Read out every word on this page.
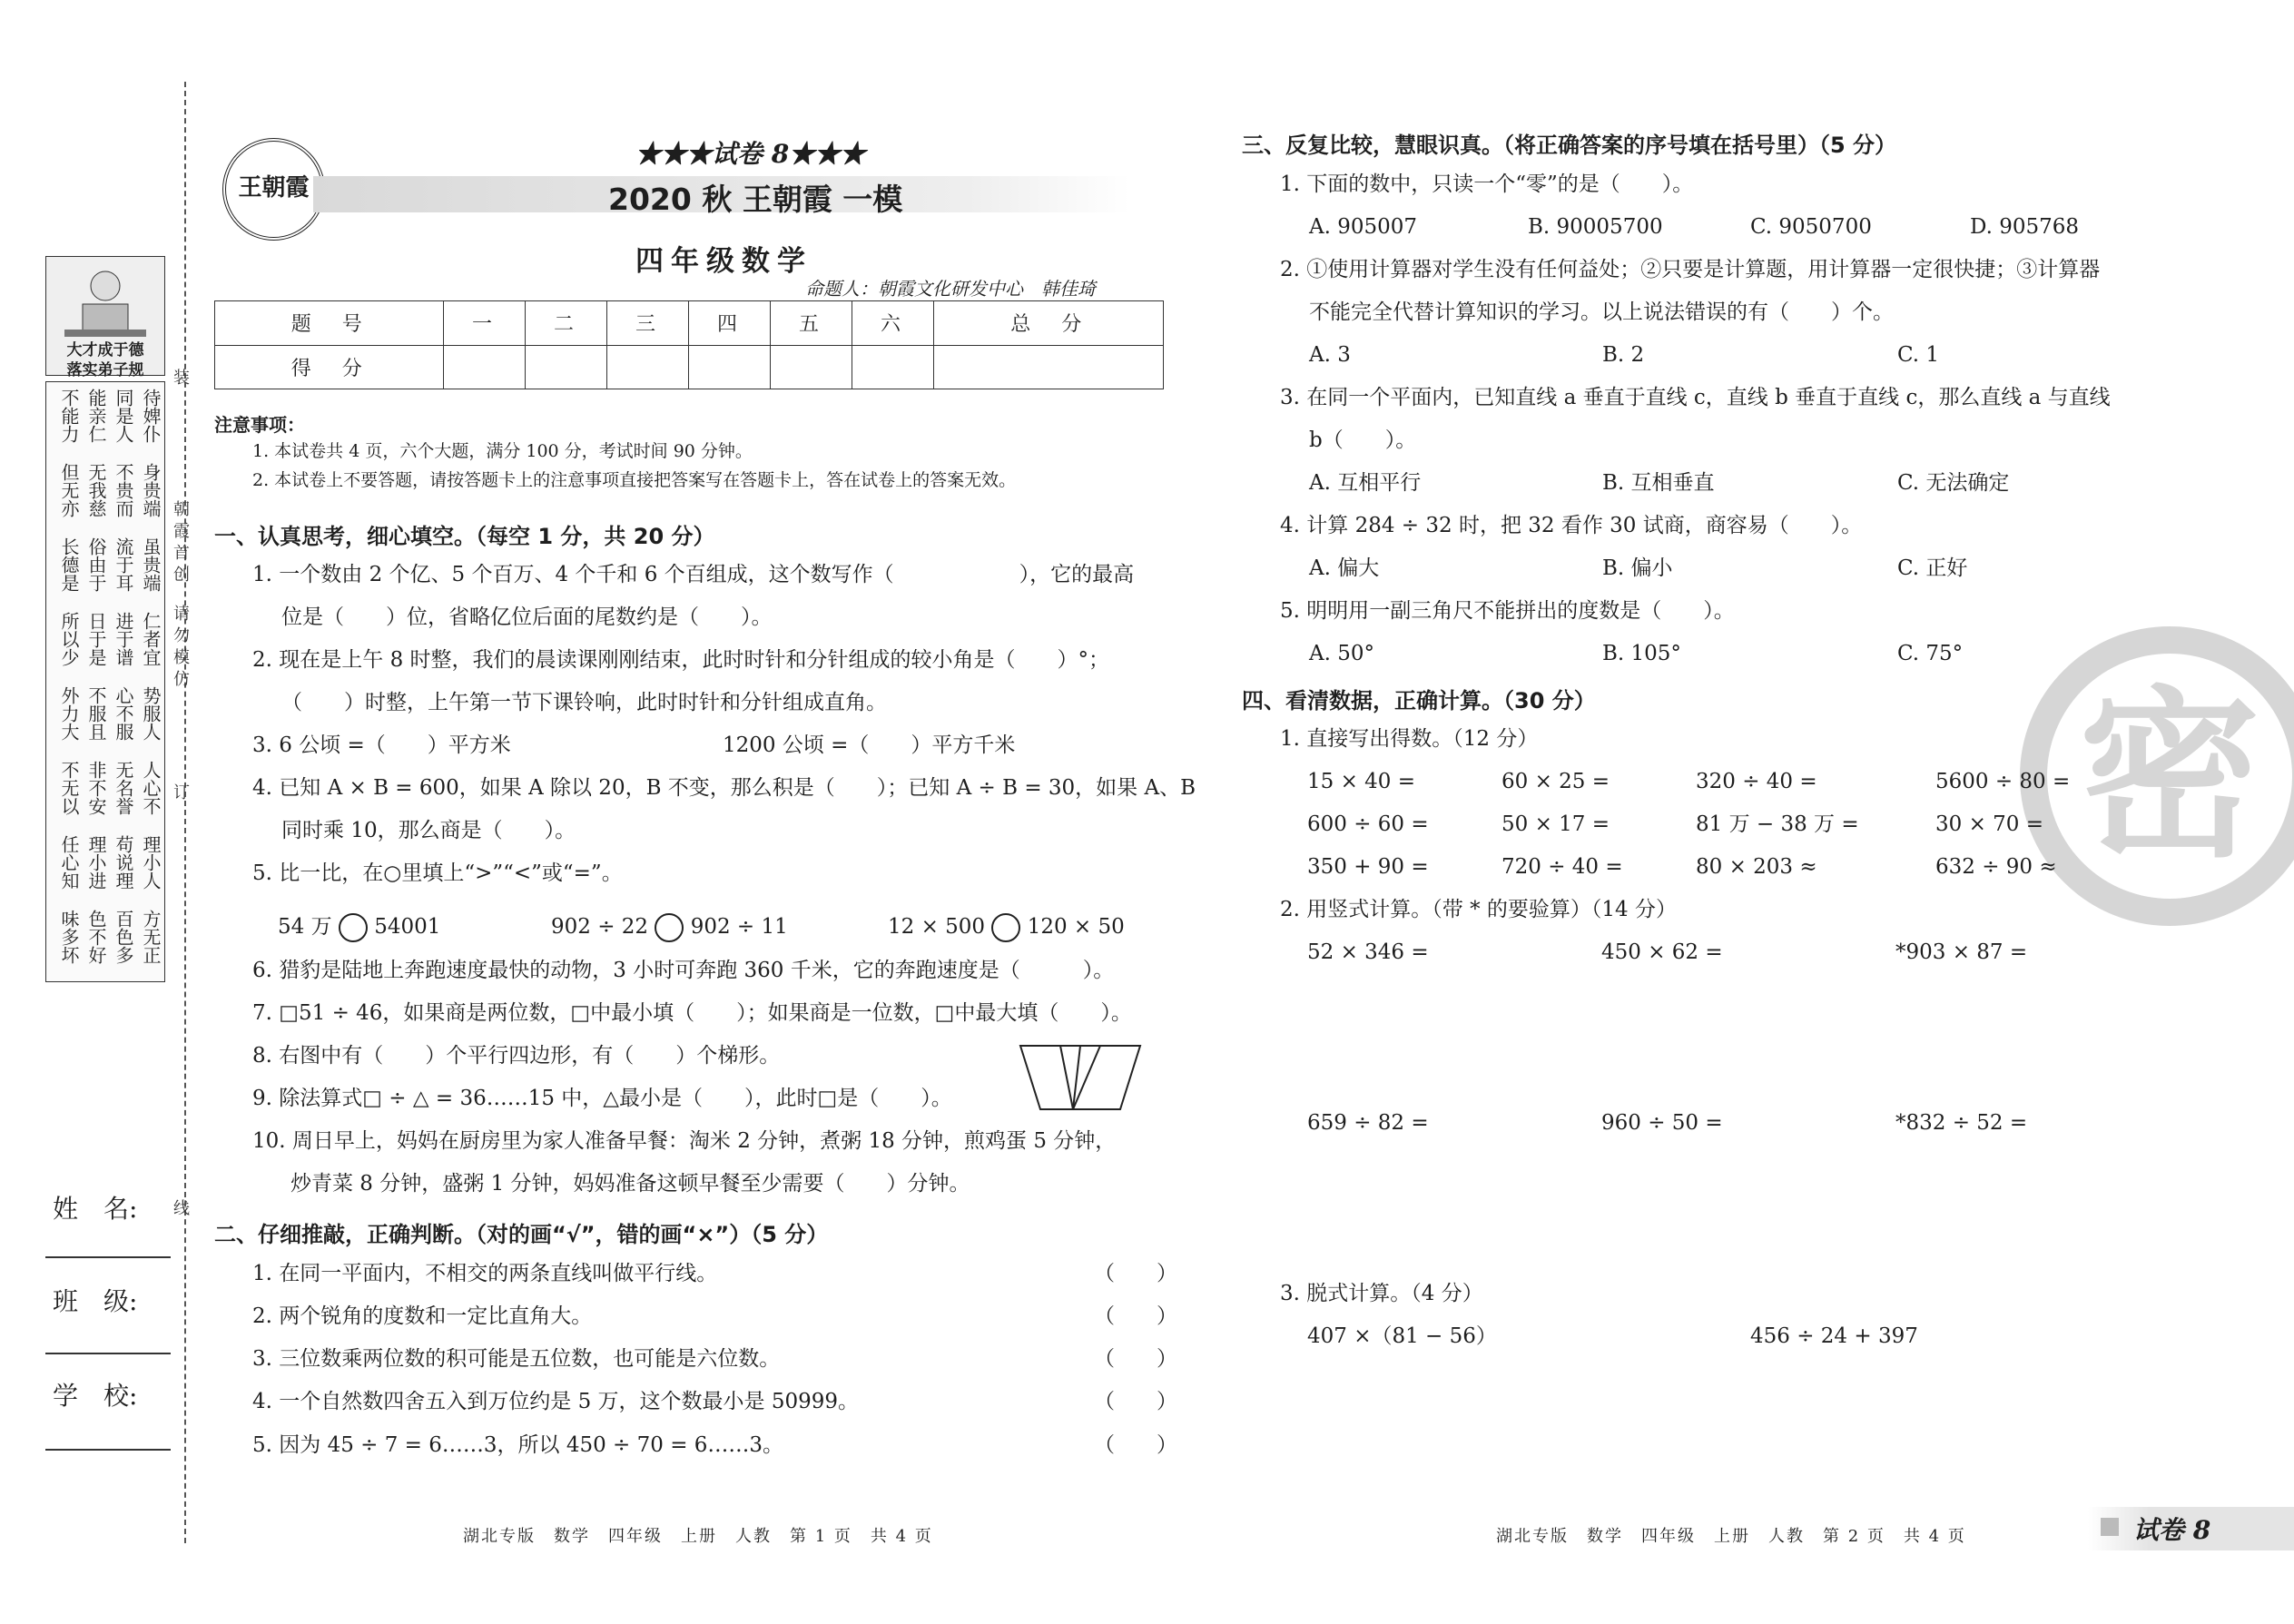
大才成于德
落实弟子规
待婢仆
同是人
能亲仁
不能力
身贵端
不贵而
无我慈
但无亦
虽贵端
流于耳
俗由于
长德是
仁者宜
进于谱
日于是
所以少
势服人
心不服
不服且
外力大
人心不
无名誉
非不安
不无以
理小人
苟说理
理小进
任心知
方无正
百色多
色不好
味多坏
装
朝霞首创
请勿模仿
订
线
姓　名:
班　级:
学　校:
王朝霞
★★★试卷 8★★★
2020 秋 王朝霞 一模
四年级数学
命题人：朝霞文化研发中心　韩佳琦
题　号	一	二	三	四	五	六	总　分
得　分							
注意事项：
1. 本试卷共 4 页，六个大题，满分 100 分，考试时间 90 分钟。
2. 本试卷上不要答题，请按答题卡上的注意事项直接把答案写在答题卡上，答在试卷上的答案无效。
一、认真思考，细心填空。（每空 1 分，共 20 分）
1. 一个数由 2 个亿、5 个百万、4 个千和 6 个百组成，这个数写作（　　　　　　），它的最高
位是（　　）位，省略亿位后面的尾数约是（　　）。
2. 现在是上午 8 时整，我们的晨读课刚刚结束，此时时针和分针组成的较小角是（　　）°；
（　　）时整，上午第一节下课铃响，此时时针和分针组成直角。
3. 6 公顷 =（　　）平方米	1200 公顷 =（　　）平方千米
4. 已知 A × B = 600，如果 A 除以 20，B 不变，那么积是（　　）；已知 A ÷ B = 30，如果 A、B
同时乘 10，那么商是（　　）。
5. 比一比，在○里填上“>”“<”或“=”。
54 万 54001	902 ÷ 22 902 ÷ 11	12 × 500 120 × 50
6. 猎豹是陆地上奔跑速度最快的动物，3 小时可奔跑 360 千米，它的奔跑速度是（　　　）。
7. □51 ÷ 46，如果商是两位数，□中最小填（　　）；如果商是一位数，□中最大填（　　）。
8. 右图中有（　　）个平行四边形，有（　　）个梯形。
9. 除法算式□ ÷ △ = 36……15 中，△最小是（　　），此时□是（　　）。
10. 周日早上，妈妈在厨房里为家人准备早餐：淘米 2 分钟，煮粥 18 分钟，煎鸡蛋 5 分钟，
炒青菜 8 分钟，盛粥 1 分钟，妈妈准备这顿早餐至少需要（　　）分钟。
二、仔细推敲，正确判断。（对的画“√”，错的画“×”）（5 分）
1. 在同一平面内，不相交的两条直线叫做平行线。	（　　）
2. 两个锐角的度数和一定比直角大。	（　　）
3. 三位数乘两位数的积可能是五位数，也可能是六位数。	（　　）
4. 一个自然数四舍五入到万位约是 5 万，这个数最小是 50999。	（　　）
5. 因为 45 ÷ 7 = 6……3，所以 450 ÷ 70 = 6……3。	（　　）
湖北专版　数学　四年级　上册　人教　第 1 页　共 4 页
密
三、反复比较，慧眼识真。（将正确答案的序号填在括号里）（5 分）
1. 下面的数中，只读一个“零”的是（　　）。
A. 905007	B. 90005700	C. 9050700	D. 905768
2. ①使用计算器对学生没有任何益处；②只要是计算题，用计算器一定很快捷；③计算器
不能完全代替计算知识的学习。以上说法错误的有（　　）个。
A. 3	B. 2	C. 1
3. 在同一个平面内，已知直线 a 垂直于直线 c，直线 b 垂直于直线 c，那么直线 a 与直线
b（　　）。
A. 互相平行	B. 互相垂直	C. 无法确定
4. 计算 284 ÷ 32 时，把 32 看作 30 试商，商容易（　　）。
A. 偏大	B. 偏小	C. 正好
5. 明明用一副三角尺不能拼出的度数是（　　）。
A. 50°	B. 105°	C. 75°
四、看清数据，正确计算。（30 分）
1. 直接写出得数。（12 分）
15 × 40 =	60 × 25 =	320 ÷ 40 =	5600 ÷ 80 =
600 ÷ 60 =	50 × 17 =	81 万 − 38 万 =	30 × 70 =
350 + 90 =	720 ÷ 40 =	80 × 203 ≈	632 ÷ 90 ≈
2. 用竖式计算。（带 * 的要验算）（14 分）
52 × 346 =	450 × 62 =	*903 × 87 =
659 ÷ 82 =	960 ÷ 50 =	*832 ÷ 52 =
3. 脱式计算。（4 分）
407 ×（81 − 56）	456 ÷ 24 + 397
湖北专版　数学　四年级　上册　人教　第 2 页　共 4 页	试卷 8
